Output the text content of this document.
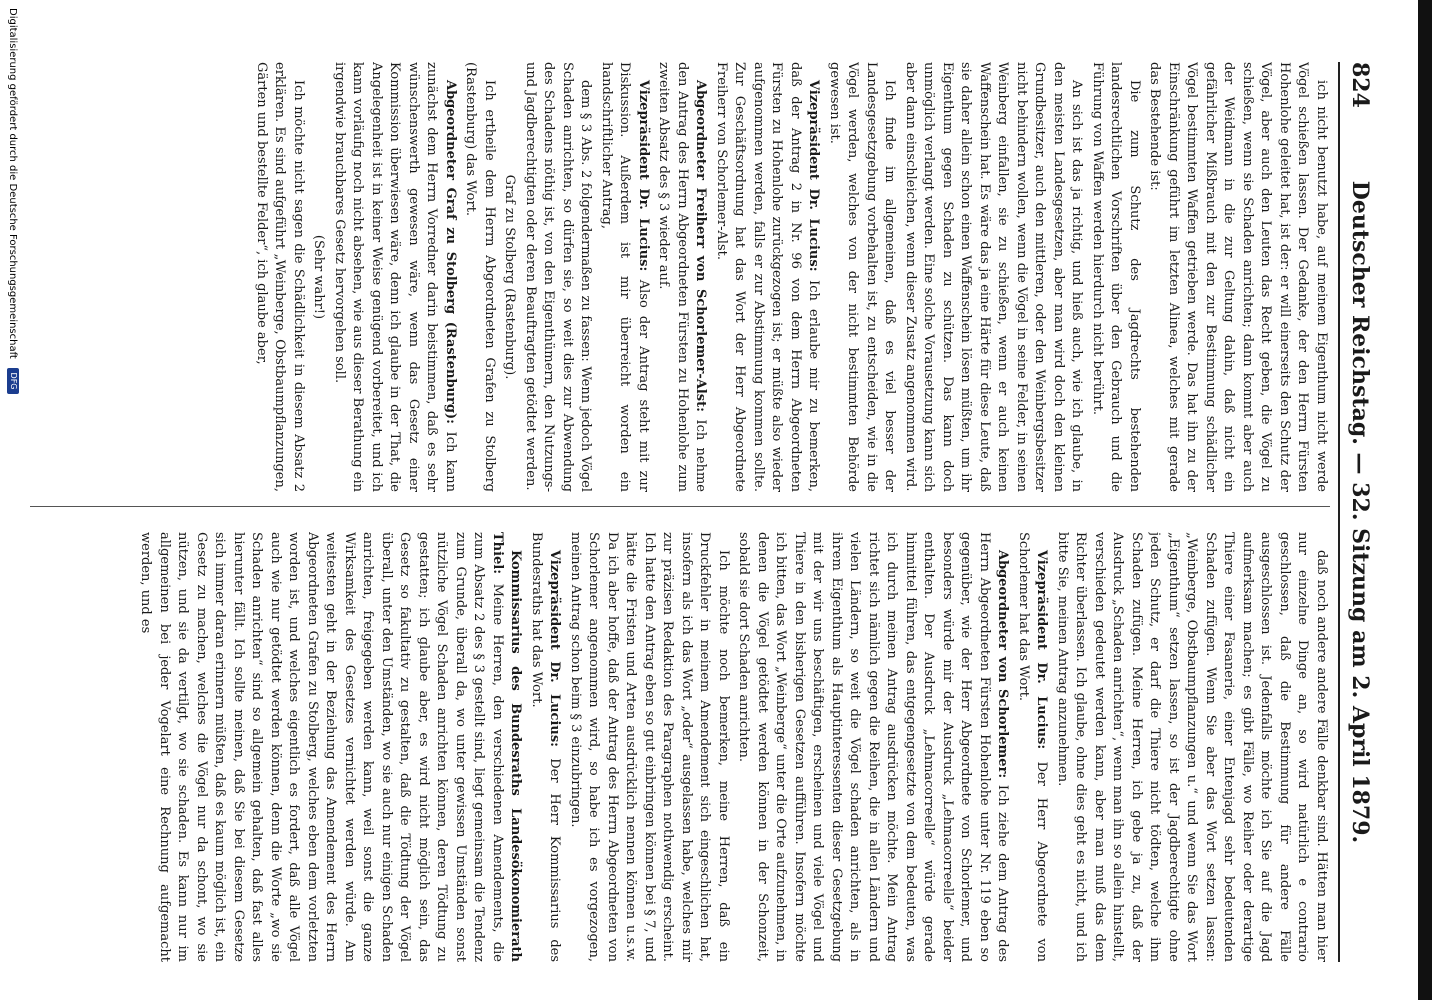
824
Deutscher Reichstag. — 32. Sitzung am 2. April 1879.

ich nicht benutzt habe, auf meinem Eigenthum nicht werde Vögel schießen lassen. Der Gedanke, der den Herrn Fürsten Hohenlohe geleitet hat, ist der: er will einerseits den Schutz der Vögel, aber auch den Leuten das Recht geben, die Vögel zu schießen, wenn sie Schaden anrichten; dann kommt aber auch der Weidmann in die zur Geltung dahin, daß nicht ein gefährlicher Mißbrauch mit den zur Bestimmung schädlicher Vögel bestimmten Waffen getrieben werde. Das hat ihn zu der Einschränkung geführt im letzten Alinea, welches mit gerade das Bestehende ist:

Die zum Schutz des Jagdrechts bestehenden landesrechtlichen Vorschriften über den Gebrauch und die Führung von Waffen werden hierdurch nicht berührt.

An sich ist das ja richtig, und hieß auch, wie ich glaube, in den meisten Landesgesetzen, aber man wird doch den kleinen Grundbesitzer, auch den mittleren, oder den Weinbergsbesitzer nicht behindern wollen, wenn die Vögel in seine Felder, in seinen Weinberg einfallen, sie zu schießen, wenn er auch keinen Waffenschein hat. Es wäre das ja eine Härte für diese Leute, daß sie daher allein schon einen Waffenschein lösen müßten, um ihr Eigenthum gegen Schaden zu schützen. Das kann doch unmöglich verlangt werden. Eine solche Vorausetzung kann sich aber dann einschleichen, wenn dieser Zusatz angenommen wird.

Ich finde im allgemeinen, daß es viel besser der Landesgesetzgebung vorbehalten ist, zu entscheiden, wie in die Vögel werden, welches von der nicht bestimmten Behörde gewesen ist.

Vizepräsident Dr. Lucius: Ich erlaube mir zu bemerken, daß der Antrag 2 in Nr. 96 von dem Herrn Abgeordneten Fürsten zu Hohenlohe zurückgezogen ist; er müßte also wieder aufgenommen werden, falls er zur Abstimmung kommen sollte. Zur Geschäftsordnung hat das Wort der Herr Abgeordnete Freiherr von Schorlemer-Alst.

Abgeordneter Freiherr von Schorlemer-Alst: Ich nehme den Antrag des Herrn Abgeordneten Fürsten zu Hohenlohe zum zweiten Absatz des § 3 wieder auf.

Vizepräsident Dr. Lucius: Also der Antrag steht mit zur Diskussion. Außerdem ist mir überreicht worden ein handschriftlicher Antrag,

dem § 3 Abs. 2 folgendermaßen zu fassen: Wenn jedoch Vögel Schaden anrichten, so dürfen sie, so weit dies zur Abwendung des Schadens nöthig ist, von den Eigenthümern, den Nutzungs- und Jagdberechtigten oder deren Beauftragten getödtet werden.

Graf zu Stolberg (Rastenburg).

Ich ertheile dem Herrn Abgeordneten Grafen zu Stolberg (Rastenburg) das Wort.

Abgeordneter Graf zu Stolberg (Rastenburg): Ich kann zunächst dem Herrn Vorredner darin beistimmen, daß es sehr wünschenswerth gewesen wäre, wenn das Gesetz einer Kommission überwiesen wäre, denn ich glaube in der That, die Angelegenheit ist in keiner Weise genügend vorbereitet, und ich kann vorläufig noch nicht absehen, wie aus dieser Berathung ein irgendwie brauchbares Gesetz hervorgehen soll.

(Sehr wahr!)

Ich möchte nicht sagen die Schädlichkeit in diesem Absatz 2 erklären. Es sind aufgeführt „Weinberge, Obstbaumpflanzungen, Gärten und bestellte Felder“, ich glaube aber,

daß noch andere andere Fälle denkbar sind. Hätten man hier nur einzelne Dinge an, so wird natürlich e contrario geschlossen, daß die Bestimmung für andere Fälle ausgeschlossen ist. Jedenfalls möchte ich Sie auf die Jagd aufmerksam machen; es gibt Fälle, wo Reiher oder derartige Thiere einer Fasanerie, einer Entenjagd sehr bedeutenden Schaden zufügen. Wenn Sie aber das Wort setzen lassen: „Weinberge, Obstbaumpflanzungen u.“ und wenn Sie das Wort „Eigenthum“ setzen lassen, so ist der Jagdberechtigte ohne jeden Schutz, er darf die Thiere nicht tödten, welche ihm Schaden zufügen. Meine Herren, ich gebe ja zu, daß der Ausdruck „Schaden anrichten“, wenn man ihn so allein hinstellt, verschieden gedeutet werden kann, aber man muß das dem Richter überlassen. Ich glaube, ohne dies geht es nicht, und ich bitte Sie, meinen Antrag anzunehmen.

Vizepräsident Dr. Lucius: Der Herr Abgeordnete von Schorlemer hat das Wort.

Abgeordneter von Schorlemer: Ich ziehe dem Antrag des Herrn Abgeordneten Fürsten Hohenlohe unter Nr. 119 eben so gegenüber, wie der Herr Abgeordnete von Schorlemer, und besonders würde mir der Ausdruck „Lehmacorreelle“ beider enthalten. Der Ausdruck „Lehmacorreelle“ würde gerade hinmittel führen, das entgegengesetzte von dem bedeuten, was ich durch meinen Antrag ausdrücken möchte. Mein Antrag richtet sich nämlich gegen die Reihen, die in allen Ländern und vielen Ländern, so weit die Vögel schaden anrichten, als in ihrem Eigenthum als Hauptinteressenten dieser Gesetzgebung mit der wir uns beschäftigen, erscheinen und viele Vögel und Thiere in den bisherigen Gesetzen aufführen. Insofern möchte ich bitten, das Wort „Weinberge“ unter die Orte aufzunehmen, in denen die Vögel getödtet werden können in der Schonzeit, sobald sie dort Schaden anrichten.

Ich möchte noch bemerken, meine Herren, daß ein Druckfehler in meinem Amendement sich eingeschlichen hat, insofern als ich das Wort „oder“ ausgelassen habe, welches mir zur präzisen Redaktion des Paragraphen nothwendig erscheint. Ich hatte den Antrag eben so gut einbringen können bei § 7, und hätte die Fristen und Arten ausdrücklich nennen können u.s.w. Da ich aber hoffe, daß der Antrag des Herrn Abgeordneten von Schorlemer angenommen wird, so habe ich es vorgezogen, meinen Antrag schon beim § 3 einzubringen.

Vizepräsident Dr. Lucius: Der Herr Kommissarius des Bundesraths hat das Wort.

Kommissarius des Bundesraths Landesökonomierath Thiel: Meine Herren, den verschiedenen Amendements, die zum Absatz 2 des § 3 gestellt sind, liegt gemeinsam die Tendenz zum Grunde, überall da, wo unter gewissen Umständen sonst nützliche Vögel Schaden anrichten können, deren Tödtung zu gestatten; ich glaube aber, es wird nicht möglich sein, das Gesetz so fakultativ zu gestalten, daß die Tödtung der Vögel überall, unter den Umständen, wo sie auch nur einigen Schaden anrichten, freigegeben werden kann, weil sonst die ganze Wirksamkeit des Gesetzes vernichtet werden würde. Am weitesten geht in der Beziehung das Amendement des Herrn Abgeordneten Grafen zu Stolberg, welches eben dem vorletzten worden ist, und welches eigentlich es fordert, daß alle Vögel auch wie nur getödtet werden können, denn die Worte „wo sie Schaden anrichten“ sind so allgemein gehalten, daß fast alles hierunter fällt. Ich sollte meinen, daß Sie bei diesem Gesetze sich immer daran erinnern müßten, daß es kaum möglich ist, ein Gesetz zu machen, welches die Vögel nur da schont, wo sie nützen, und sie da vertilgt, wo sie schaden. Es kann nur im allgemeinen bei jeder Vogelart eine Rechnung aufgemacht werden, und es

Digitalisierung gefördert durch die Deutsche Forschungsgemeinschaft DFG
